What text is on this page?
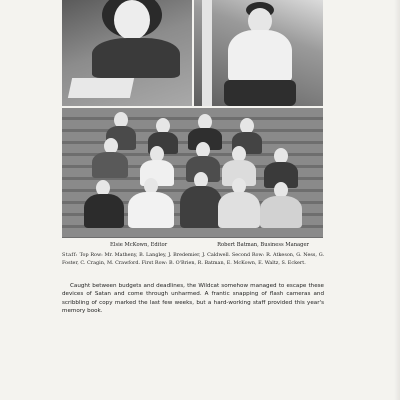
Elsie McKown, Editor	Robert Batman, Business Manager
Staff: Top Row: Mr. Matheny, B. Langley, J. Bredemier, J. Caldwell. Second Row: R. Atkeson, G. Ness, G. Foster, C. Cragin, M. Crawford. First Row: B. O'Brien, R. Batman, E. McKown, E. Waltz, S. Eckert.
Caught between budgets and deadlines, the Wildcat somehow managed to escape these devices of Satan and come through unharmed. A frantic snapping of flash cameras and scribbling of copy marked the last few weeks, but a hard-working staff provided this year's memory book.
